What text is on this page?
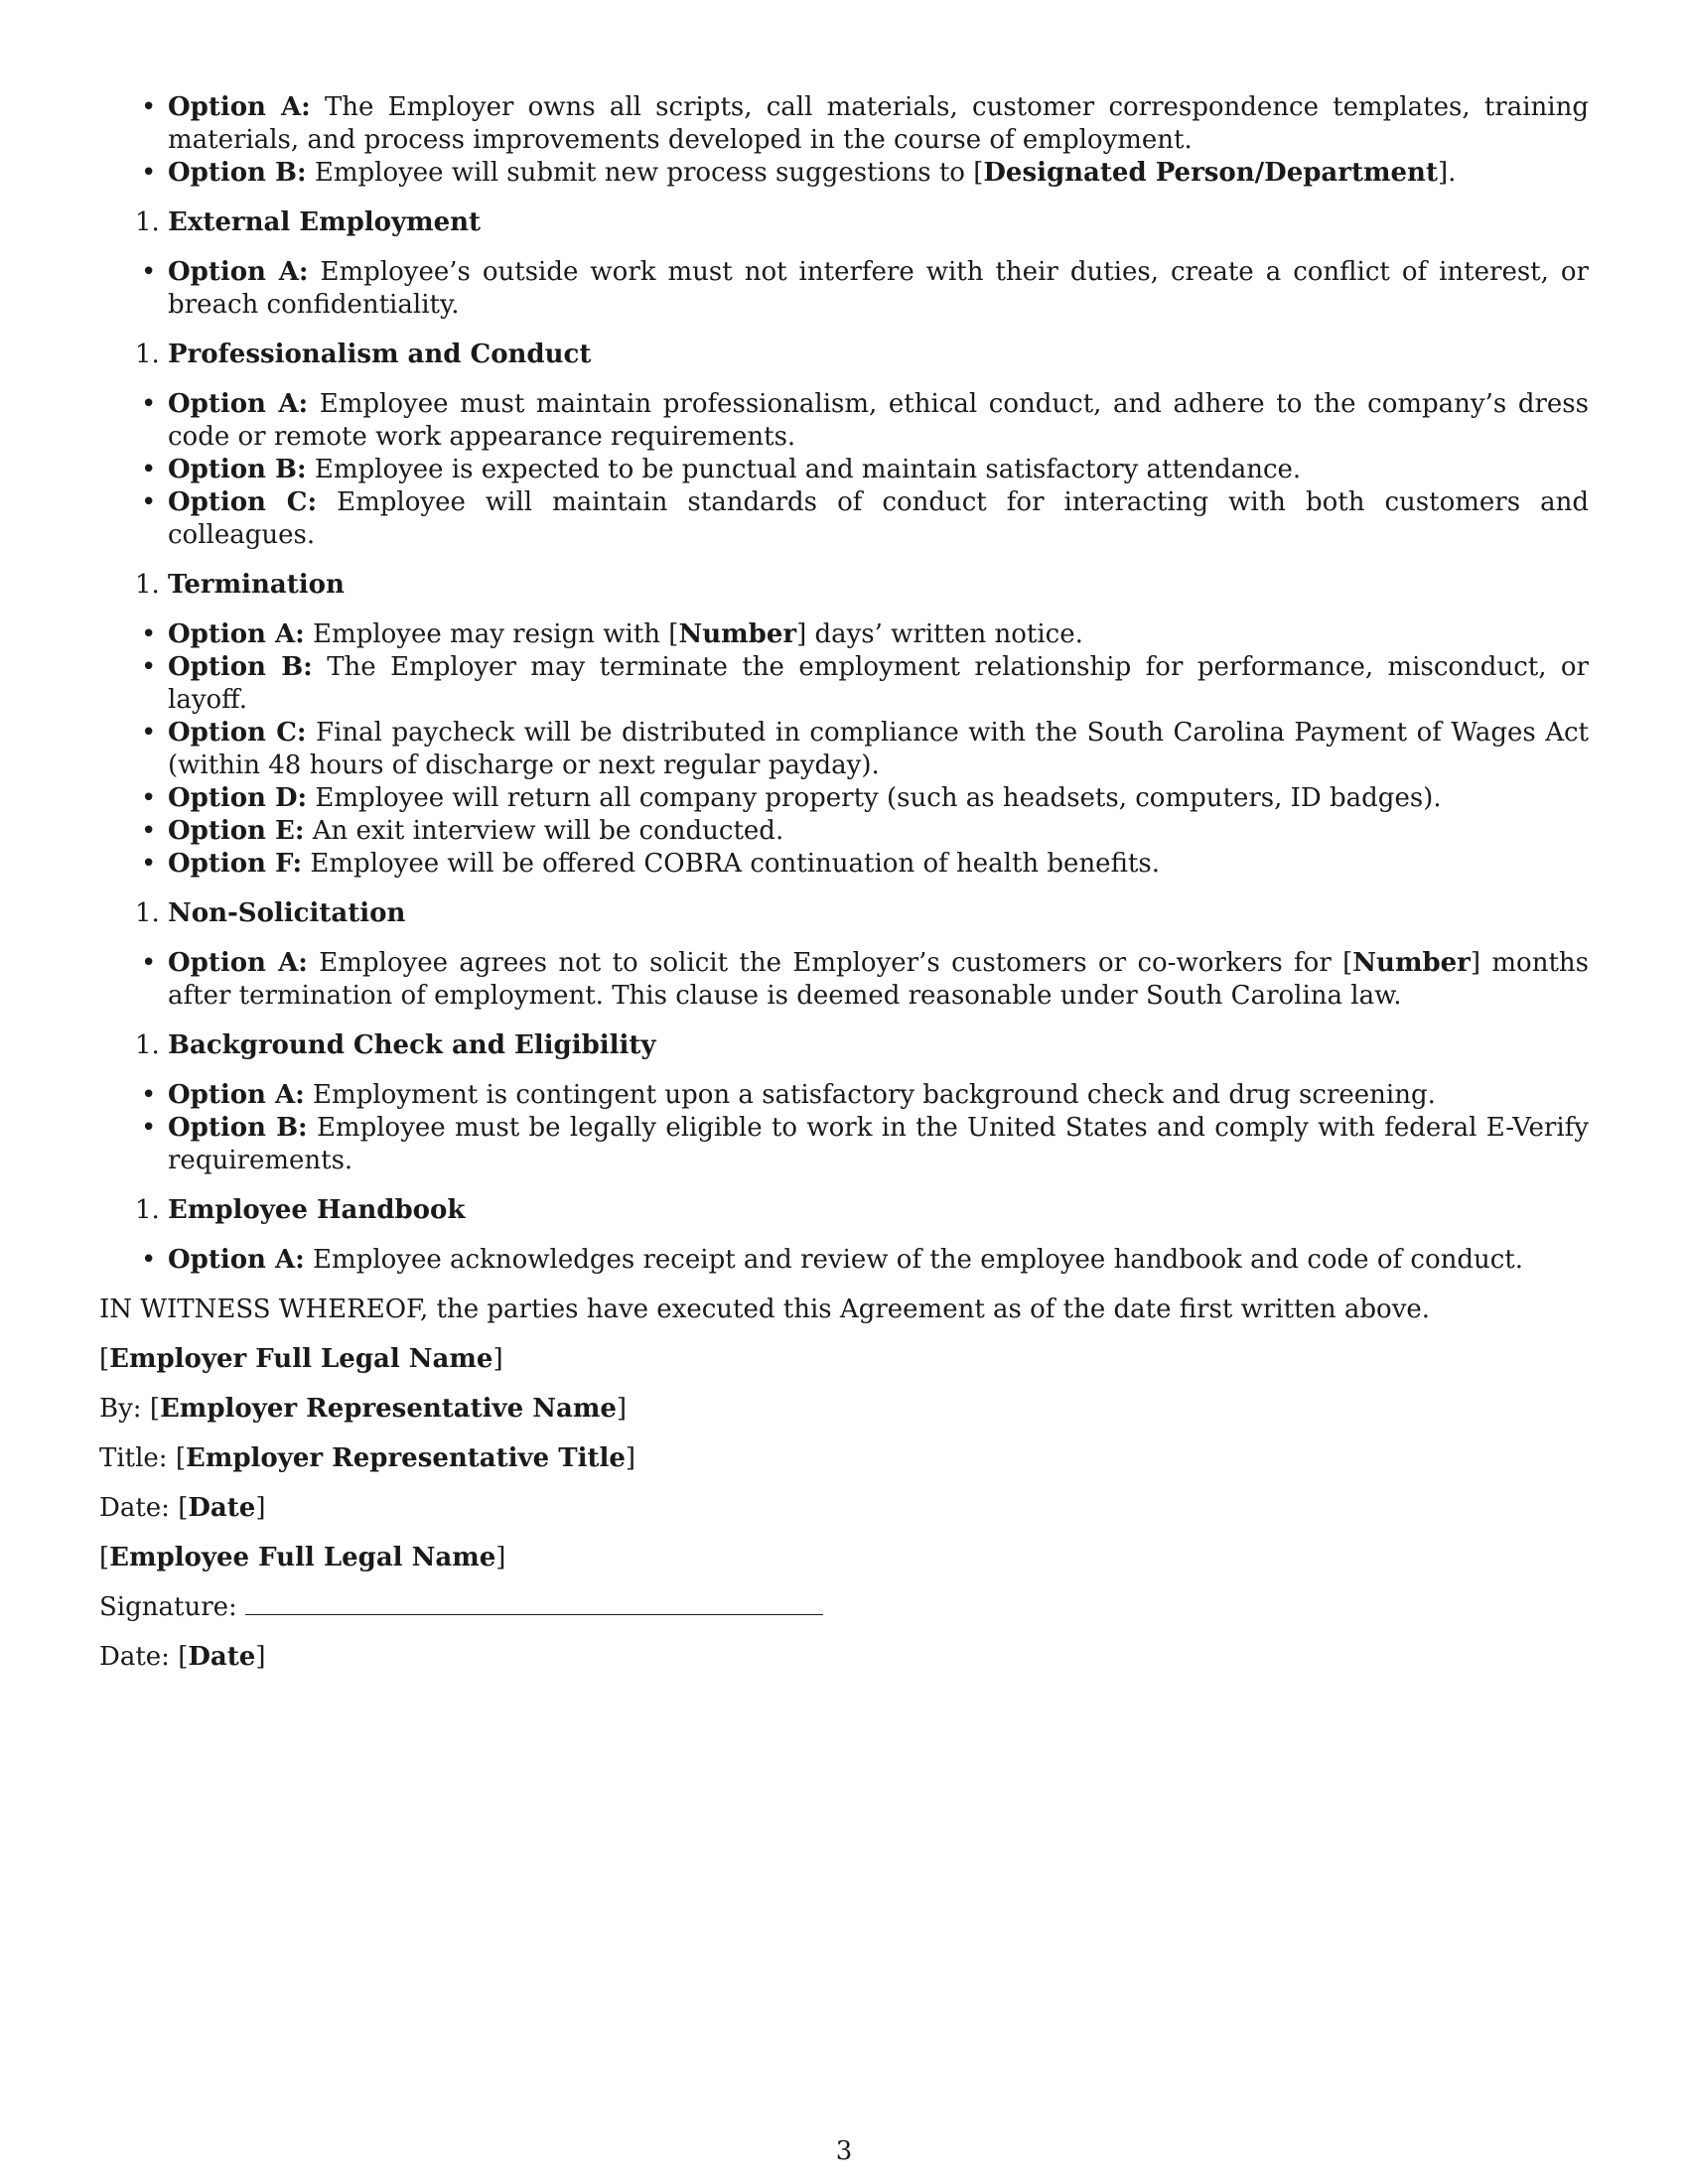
• Option A: The Employer owns all scripts, call materials, customer correspondence templates, training materials, and process improvements developed in the course of employment.
• Option B: Employee will submit new process suggestions to [Designated Person/Department].
1. External Employment
• Option A: Employee’s outside work must not interfere with their duties, create a conflict of interest, or breach confidentiality.
1. Professionalism and Conduct
• Option A: Employee must maintain professionalism, ethical conduct, and adhere to the company’s dress code or remote work appearance requirements.
• Option B: Employee is expected to be punctual and maintain satisfactory attendance.
• Option C: Employee will maintain standards of conduct for interacting with both customers and colleagues.
1. Termination
• Option A: Employee may resign with [Number] days’ written notice.
• Option B: The Employer may terminate the employment relationship for performance, misconduct, or layoff.
• Option C: Final paycheck will be distributed in compliance with the South Carolina Payment of Wages Act (within 48 hours of discharge or next regular payday).
• Option D: Employee will return all company property (such as headsets, computers, ID badges).
• Option E: An exit interview will be conducted.
• Option F: Employee will be offered COBRA continuation of health benefits.
1. Non-Solicitation
• Option A: Employee agrees not to solicit the Employer’s customers or co-workers for [Number] months after termination of employment. This clause is deemed reasonable under South Carolina law.
1. Background Check and Eligibility
• Option A: Employment is contingent upon a satisfactory background check and drug screening.
• Option B: Employee must be legally eligible to work in the United States and comply with federal E-Verify requirements.
1. Employee Handbook
• Option A: Employee acknowledges receipt and review of the employee handbook and code of conduct.

IN WITNESS WHEREOF, the parties have executed this Agreement as of the date first written above.

[Employer Full Legal Name]

By: [Employer Representative Name]

Title: [Employer Representative Title]

Date: [Date]

[Employee Full Legal Name]

Signature:

Date: [Date]

3
